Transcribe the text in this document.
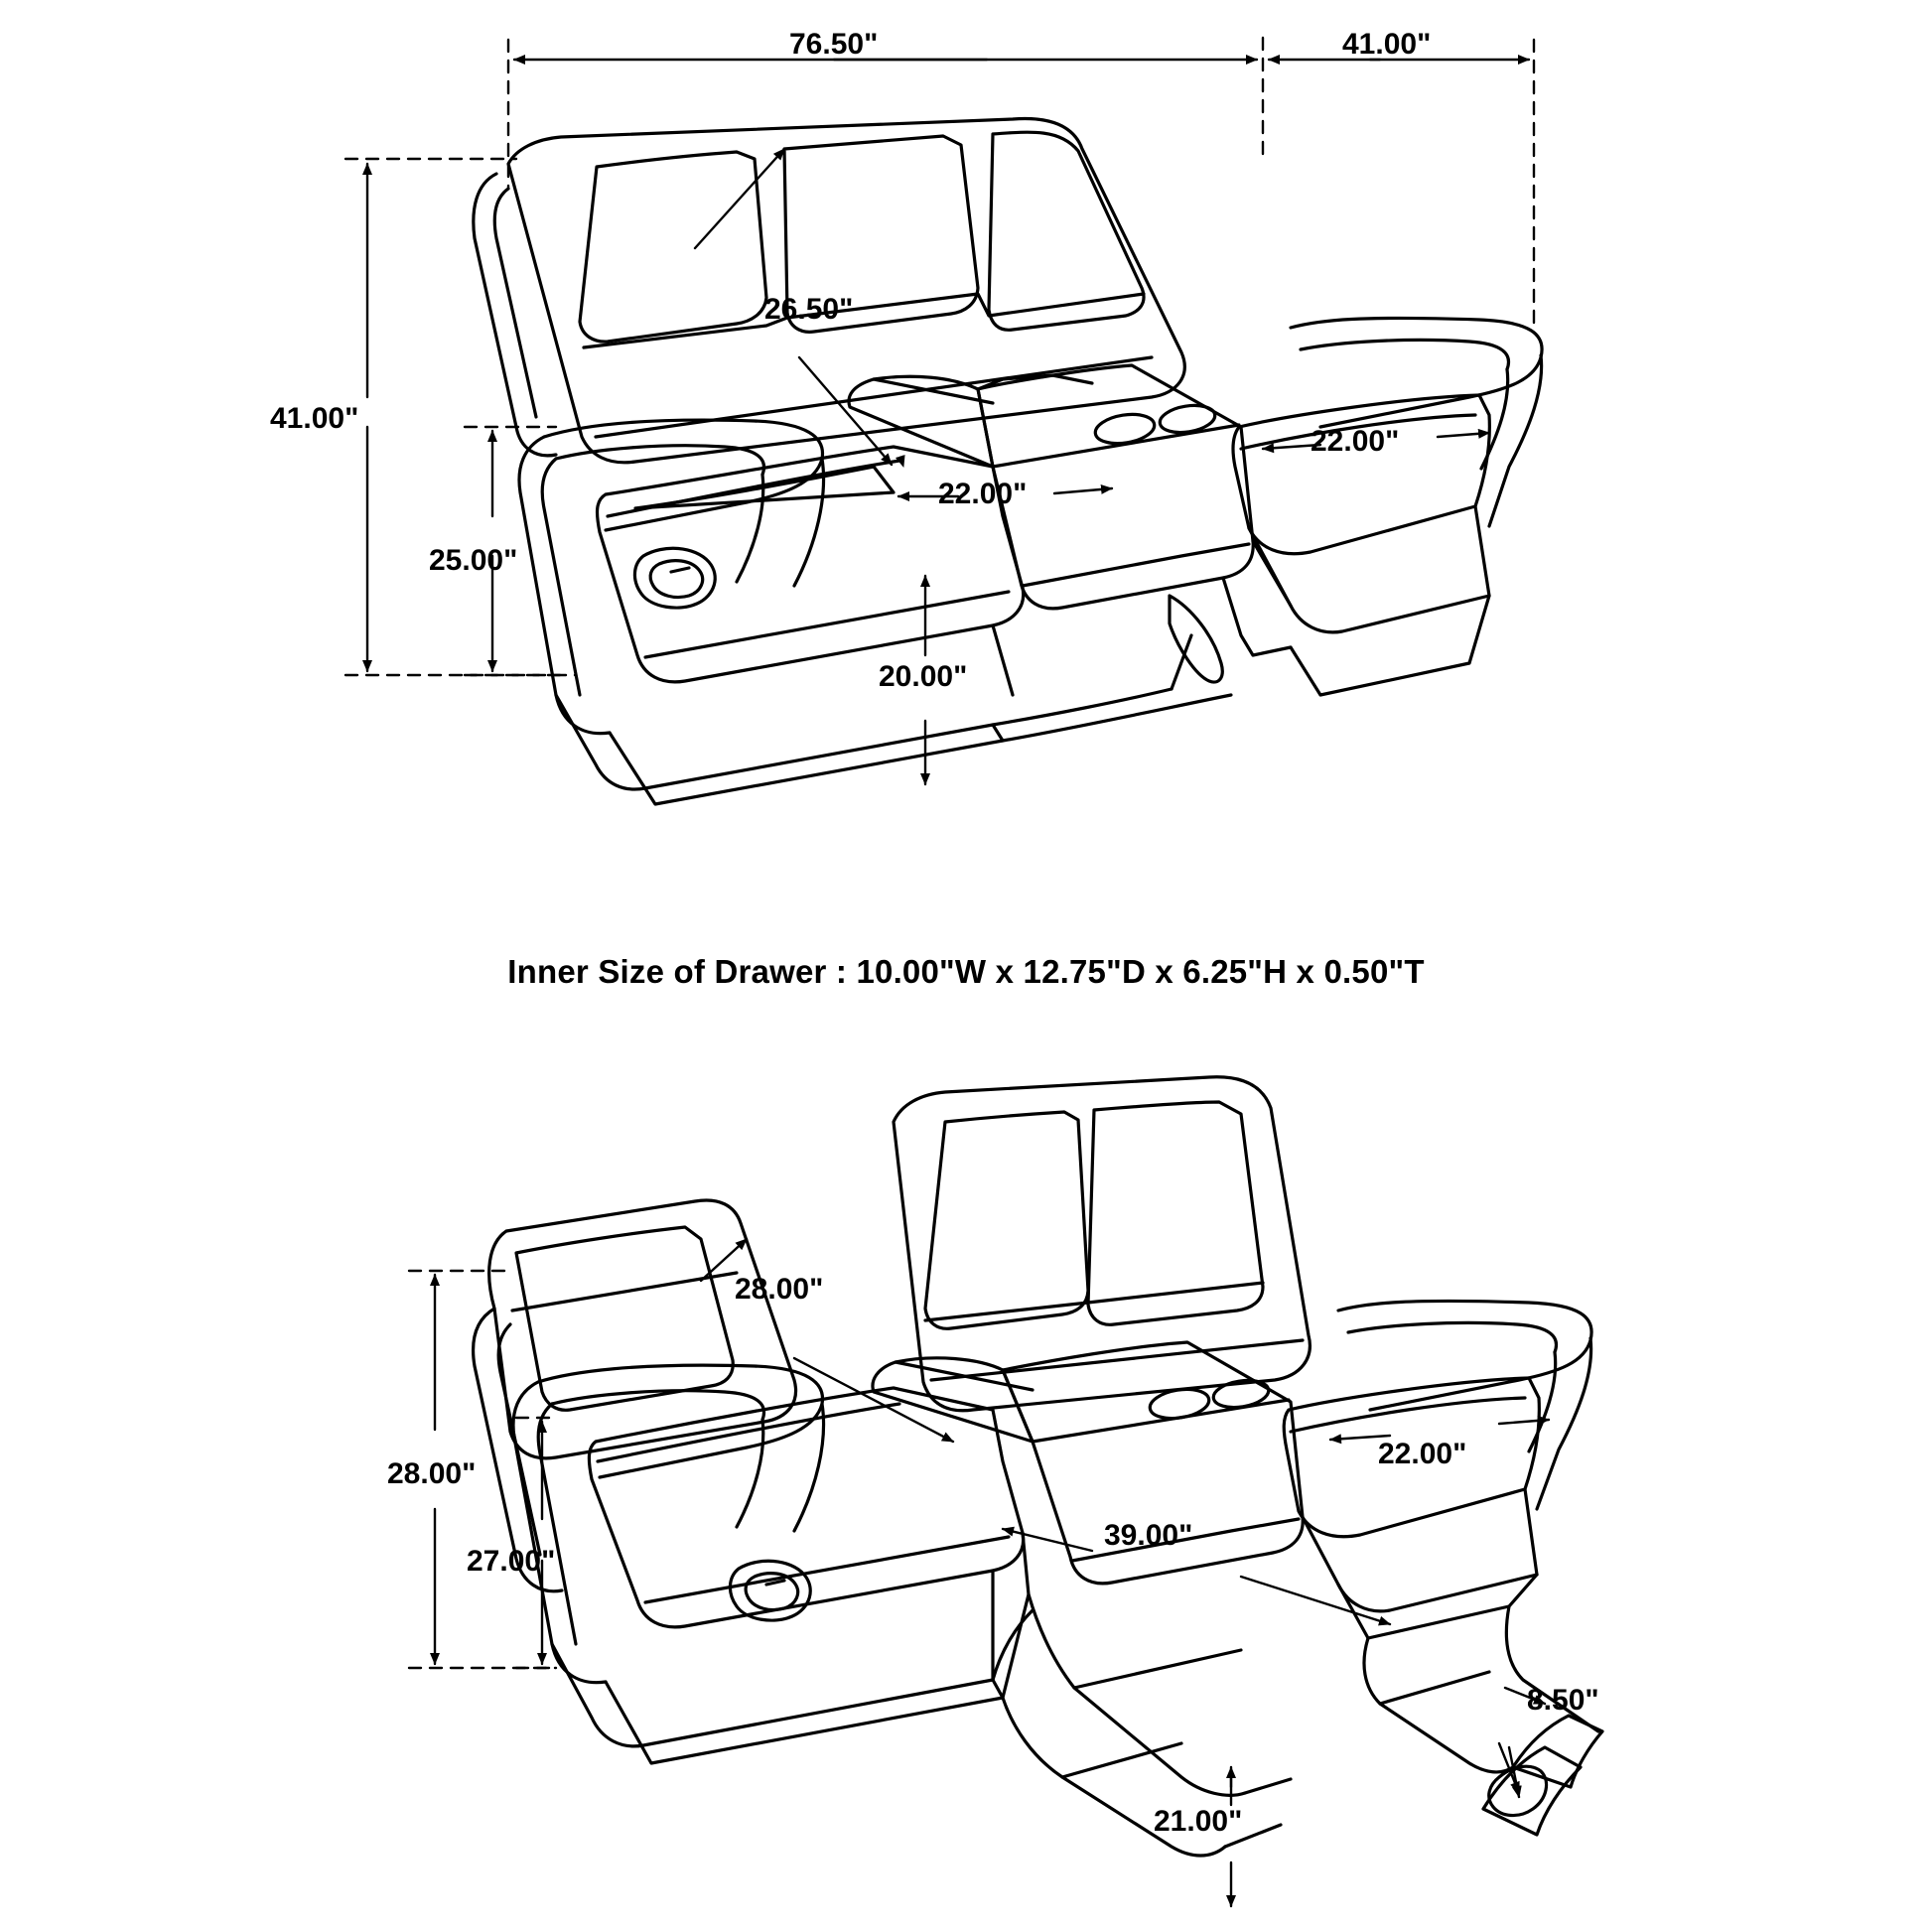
76.50"	41.00"
41.00"
26.50"
25.00"
22.00"
22.00"
20.00"
Inner Size of Drawer : 10.00"W x 12.75"D x 6.25"H x 0.50"T
28.00"
28.00"
27.00"
22.00"
39.00"
8.50"
21.00"
